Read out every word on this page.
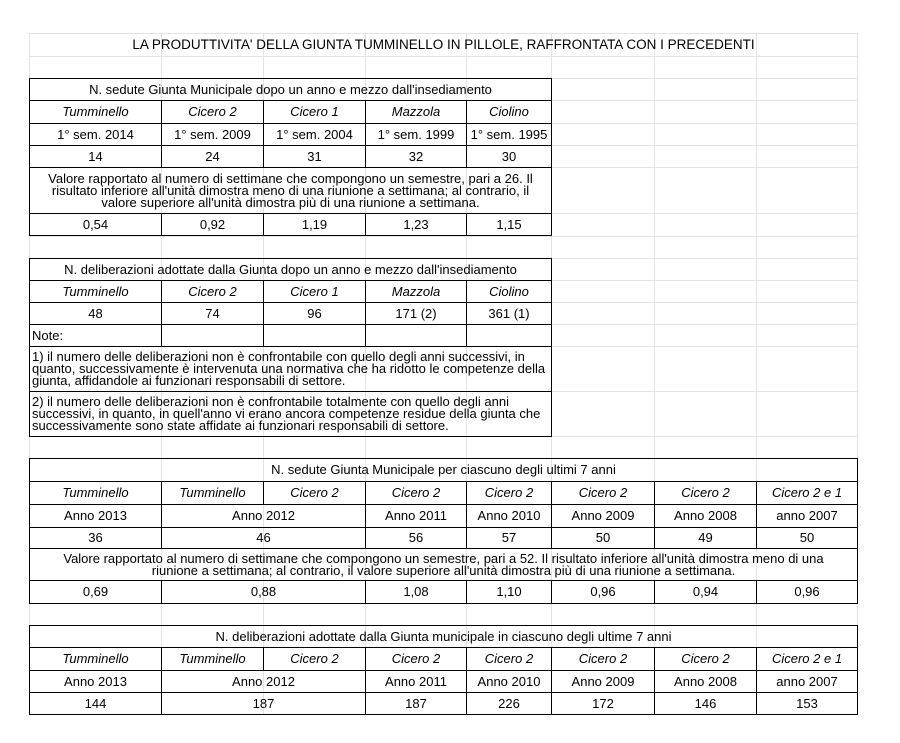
LA PRODUTTIVITA' DELLA GIUNTA TUMMINELLO IN PILLOLE, RAFFRONTATA CON I PRECEDENTI
N. sedute Giunta Municipale dopo un anno e mezzo dall'insediamento
Tumminello	Cicero 2	Cicero 1	Mazzola	Ciolino
1° sem. 2014	1° sem. 2009	1° sem. 2004	1° sem. 1999	1° sem. 1995
14	24	31	32	30
Valore rapportato al numero di settimane che compongono un semestre, pari a 26. Il risultato inferiore all'unità dimostra meno di una riunione a settimana; al contrario, il valore superiore all'unità dimostra più di una riunione a settimana.
0,54	0,92	1,19	1,23	1,15
N. deliberazioni adottate dalla Giunta dopo un anno e mezzo dall'insediamento
Tumminello	Cicero 2	Cicero 1	Mazzola	Ciolino
48	74	96	171 (2)	361 (1)
Note:
1) il numero delle deliberazioni non è confrontabile con quello degli anni successivi, in quanto, successivamente è intervenuta una normativa che ha ridotto le competenze della giunta, affidandole ai funzionari responsabili di settore.
2) il numero delle deliberazioni non è confrontabile totalmente con quello degli anni successivi, in quanto, in quell'anno vi erano ancora competenze residue della giunta che successivamente sono state affidate ai funzionari responsabili di settore.
N. sedute Giunta Municipale per ciascuno degli ultimi 7 anni
Tumminello	Tumminello	Cicero 2	Cicero 2	Cicero 2	Cicero 2	Cicero 2	Cicero 2 e 1
Anno 2013	Anno 2012	Anno 2011	Anno 2010	Anno 2009	Anno 2008	anno 2007
36	46	56	57	50	49	50
Valore rapportato al numero di settimane che compongono un semestre, pari a 52. Il risultato inferiore all'unità dimostra meno di una riunione a settimana; al contrario, il valore superiore all'unità dimostra più di una riunione a settimana.
0,69	0,88	1,08	1,10	0,96	0,94	0,96
N. deliberazioni adottate dalla Giunta municipale in ciascuno degli ultime 7 anni
Tumminello	Tumminello	Cicero 2	Cicero 2	Cicero 2	Cicero 2	Cicero 2	Cicero 2 e 1
Anno 2013	Anno 2012	Anno 2011	Anno 2010	Anno 2009	Anno 2008	anno 2007
144	187	187	226	172	146	153
